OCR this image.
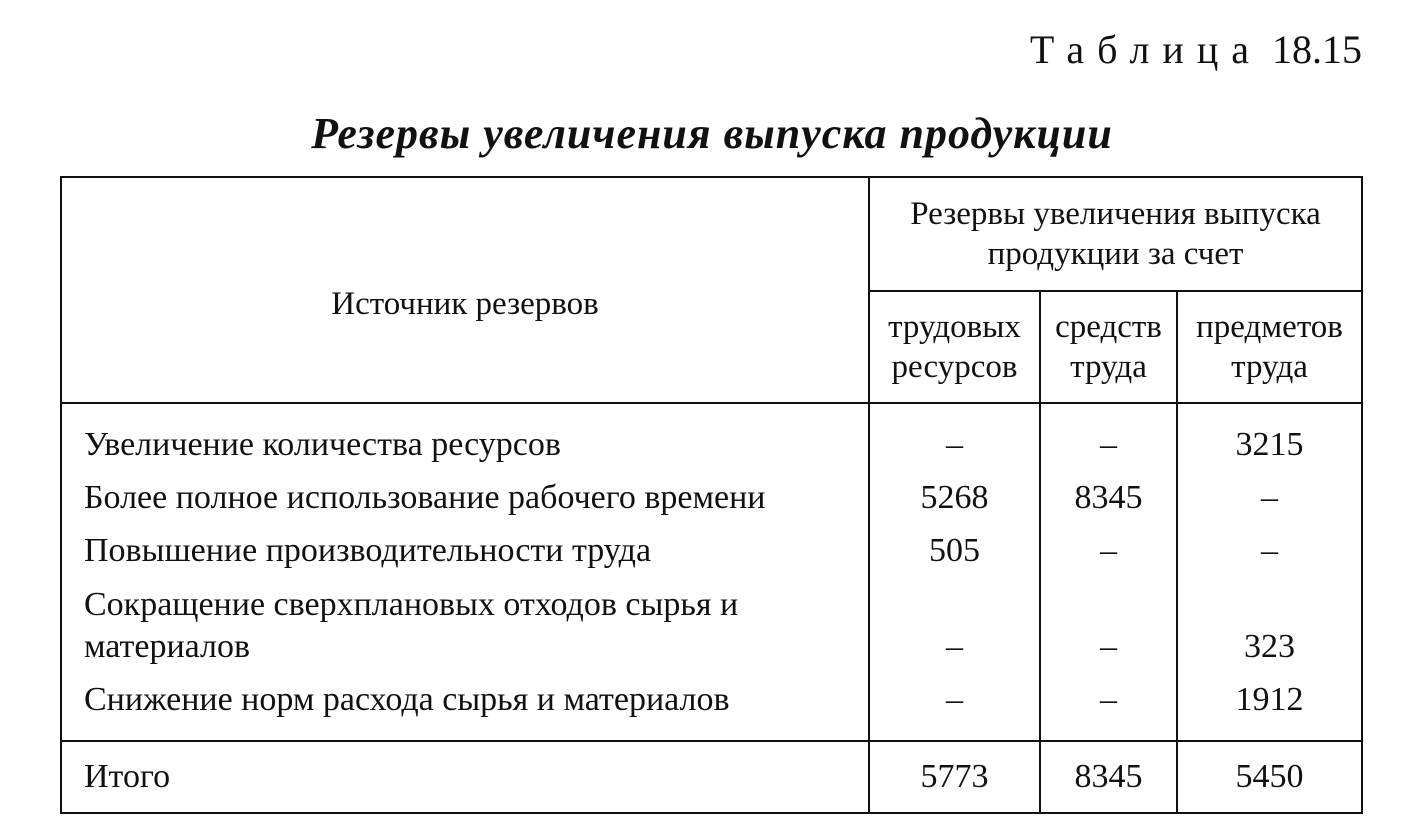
Таблица 18.15
Резервы увеличения выпуска продукции
Источник резервов	Резервы увеличения выпуска продукции за счет		
	трудовых ресурсов	средств труда	предметов труда
Увеличение количества ресурсов	–	–	3215
Более полное использование рабочего времени	5268	8345	–
Повышение производительности труда	505	–	–
Сокращение сверхплановых отходов сырья и материалов	–	–	323
Снижение норм расхода сырья и материалов	–	–	1912
Итого	5773	8345	5450
